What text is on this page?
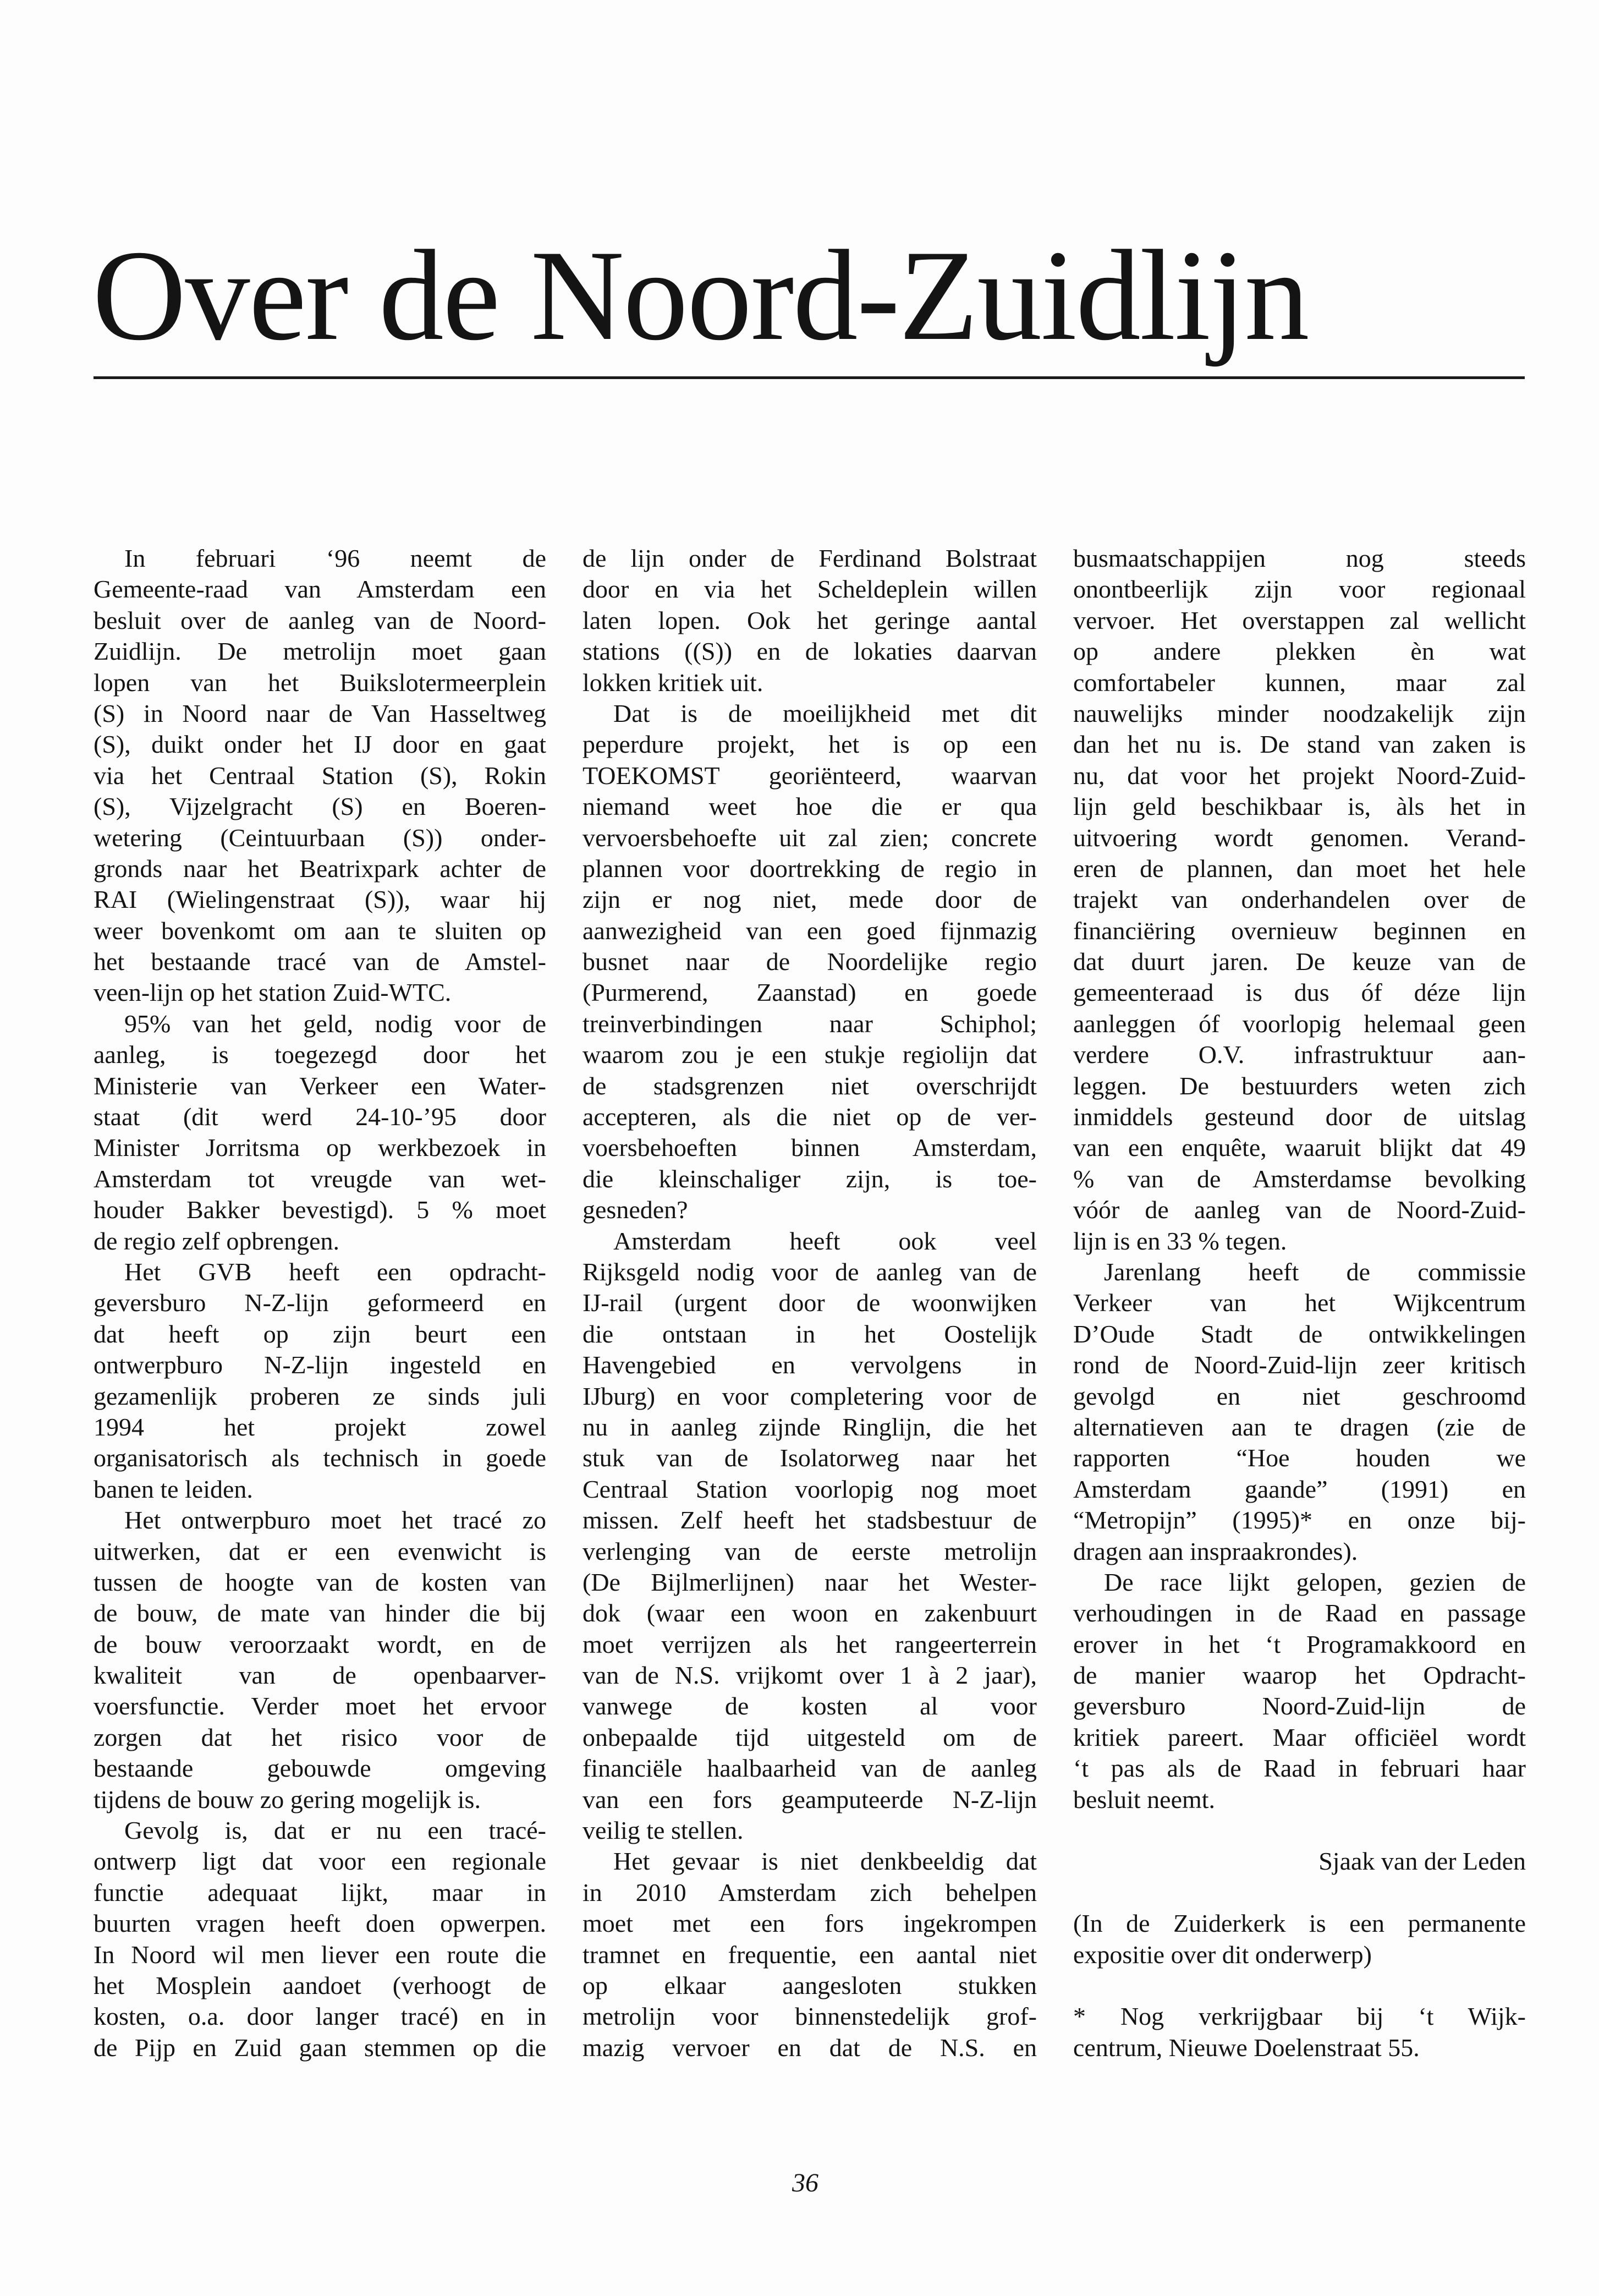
Over de Noord-Zuidlijn
In februari ‘96 neemt de
Gemeente-raad van Amsterdam een
besluit over de aanleg van de Noord-
Zuidlijn. De metrolijn moet gaan
lopen van het Buikslotermeerplein
(S) in Noord naar de Van Hasseltweg
(S), duikt onder het IJ door en gaat
via het Centraal Station (S), Rokin
(S), Vijzelgracht (S) en Boeren-
wetering (Ceintuurbaan (S)) onder-
gronds naar het Beatrixpark achter de
RAI (Wielingenstraat (S)), waar hij
weer bovenkomt om aan te sluiten op
het bestaande tracé van de Amstel-
veen-lijn op het station Zuid-WTC.
95% van het geld, nodig voor de
aanleg, is toegezegd door het
Ministerie van Verkeer een Water-
staat (dit werd 24-10-’95 door
Minister Jorritsma op werkbezoek in
Amsterdam tot vreugde van wet-
houder Bakker bevestigd). 5 % moet
de regio zelf opbrengen.
Het GVB heeft een opdracht-
geversburo N-Z-lijn geformeerd en
dat heeft op zijn beurt een
ontwerpburo N-Z-lijn ingesteld en
gezamenlijk proberen ze sinds juli
1994 het projekt zowel
organisatorisch als technisch in goede
banen te leiden.
Het ontwerpburo moet het tracé zo
uitwerken, dat er een evenwicht is
tussen de hoogte van de kosten van
de bouw, de mate van hinder die bij
de bouw veroorzaakt wordt, en de
kwaliteit van de openbaarver-
voersfunctie. Verder moet het ervoor
zorgen dat het risico voor de
bestaande gebouwde omgeving
tijdens de bouw zo gering mogelijk is.
Gevolg is, dat er nu een tracé-
ontwerp ligt dat voor een regionale
functie adequaat lijkt, maar in
buurten vragen heeft doen opwerpen.
In Noord wil men liever een route die
het Mosplein aandoet (verhoogt de
kosten, o.a. door langer tracé) en in
de Pijp en Zuid gaan stemmen op die
de lijn onder de Ferdinand Bolstraat
door en via het Scheldeplein willen
laten lopen. Ook het geringe aantal
stations ((S)) en de lokaties daarvan
lokken kritiek uit.
Dat is de moeilijkheid met dit
peperdure projekt, het is op een
TOEKOMST georiënteerd, waarvan
niemand weet hoe die er qua
vervoersbehoefte uit zal zien; concrete
plannen voor doortrekking de regio in
zijn er nog niet, mede door de
aanwezigheid van een goed fijnmazig
busnet naar de Noordelijke regio
(Purmerend, Zaanstad) en goede
treinverbindingen naar Schiphol;
waarom zou je een stukje regiolijn dat
de stadsgrenzen niet overschrijdt
accepteren, als die niet op de ver-
voersbehoeften binnen Amsterdam,
die kleinschaliger zijn, is toe-
gesneden?
Amsterdam heeft ook veel
Rijksgeld nodig voor de aanleg van de
IJ-rail (urgent door de woonwijken
die ontstaan in het Oostelijk
Havengebied en vervolgens in
IJburg) en voor completering voor de
nu in aanleg zijnde Ringlijn, die het
stuk van de Isolatorweg naar het
Centraal Station voorlopig nog moet
missen. Zelf heeft het stadsbestuur de
verlenging van de eerste metrolijn
(De Bijlmerlijnen) naar het Wester-
dok (waar een woon en zakenbuurt
moet verrijzen als het rangeerterrein
van de N.S. vrijkomt over 1 à 2 jaar),
vanwege de kosten al voor
onbepaalde tijd uitgesteld om de
financiële haalbaarheid van de aanleg
van een fors geamputeerde N-Z-lijn
veilig te stellen.
Het gevaar is niet denkbeeldig dat
in 2010 Amsterdam zich behelpen
moet met een fors ingekrompen
tramnet en frequentie, een aantal niet
op elkaar aangesloten stukken
metrolijn voor binnenstedelijk grof-
mazig vervoer en dat de N.S. en
busmaatschappijen nog steeds
onontbeerlijk zijn voor regionaal
vervoer. Het overstappen zal wellicht
op andere plekken èn wat
comfortabeler kunnen, maar zal
nauwelijks minder noodzakelijk zijn
dan het nu is. De stand van zaken is
nu, dat voor het projekt Noord-Zuid-
lijn geld beschikbaar is, àls het in
uitvoering wordt genomen. Verand-
eren de plannen, dan moet het hele
trajekt van onderhandelen over de
financiëring overnieuw beginnen en
dat duurt jaren. De keuze van de
gemeenteraad is dus óf déze lijn
aanleggen óf voorlopig helemaal geen
verdere O.V. infrastruktuur aan-
leggen. De bestuurders weten zich
inmiddels gesteund door de uitslag
van een enquête, waaruit blijkt dat 49
% van de Amsterdamse bevolking
vóór de aanleg van de Noord-Zuid-
lijn is en 33 % tegen.
Jarenlang heeft de commissie
Verkeer van het Wijkcentrum
D’Oude Stadt de ontwikkelingen
rond de Noord-Zuid-lijn zeer kritisch
gevolgd en niet geschroomd
alternatieven aan te dragen (zie de
rapporten “Hoe houden we
Amsterdam gaande” (1991) en
“Metropijn” (1995)* en onze bij-
dragen aan inspraakrondes).
De race lijkt gelopen, gezien de
verhoudingen in de Raad en passage
erover in het ‘t Programakkoord en
de manier waarop het Opdracht-
geversburo Noord-Zuid-lijn de
kritiek pareert. Maar officiëel wordt
‘t pas als de Raad in februari haar
besluit neemt.
Sjaak van der Leden
(In de Zuiderkerk is een permanente
expositie over dit onderwerp)
* Nog verkrijgbaar bij ‘t Wijk-
centrum, Nieuwe Doelenstraat 55.
36
